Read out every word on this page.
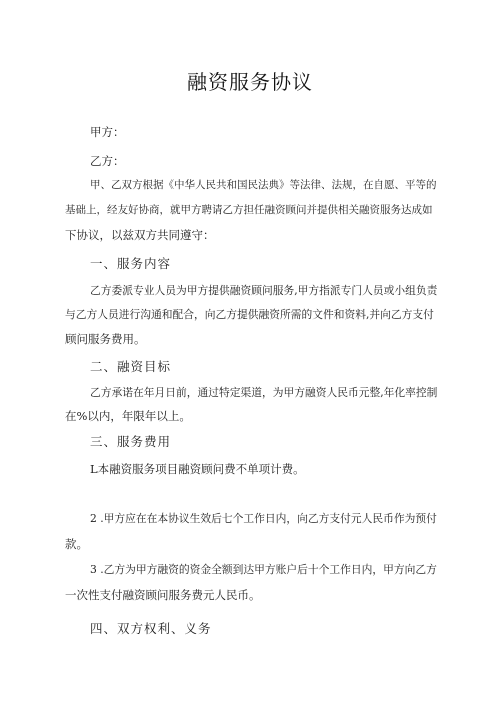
融资服务协议
甲方：
乙方：
甲、乙双方根据《中华人民共和国民法典》等法律、法规，在自愿、平等的
基础上，经友好协商，就甲方聘请乙方担任融资顾问并提供相关融资服务达成如
下协议，以兹双方共同遵守：
一、服务内容
乙方委派专业人员为甲方提供融资顾问服务,甲方指派专门人员或小组负责
与乙方人员进行沟通和配合，向乙方提供融资所需的文件和资料,并向乙方支付
顾问服务费用。
二、融资目标
乙方承诺在年月日前，通过特定渠道，为甲方融资人民币元整,年化率控制
在%以内，年限年以上。
三、服务费用
L本融资服务项目融资顾问费不单项计费。
2 .甲方应在在本协议生效后七个工作日内，向乙方支付元人民币作为预付
款。
3 .乙方为甲方融资的资金全额到达甲方账户后十个工作日内，甲方向乙方
一次性支付融资顾问服务费元人民币。
四、双方权利、义务
